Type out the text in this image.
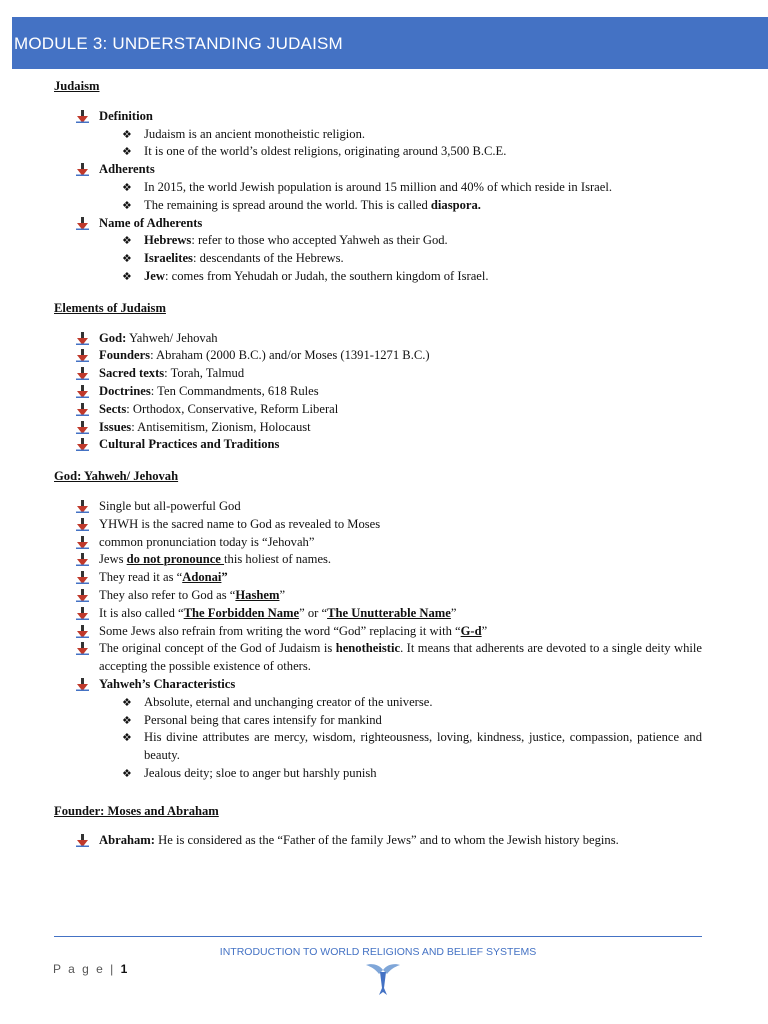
MODULE 3: UNDERSTANDING JUDAISM
Judaism
Definition
❖ Judaism is an ancient monotheistic religion.
❖ It is one of the world’s oldest religions, originating around 3,500 B.C.E.
Adherents
❖ In 2015, the world Jewish population is around 15 million and 40% of which reside in Israel.
❖ The remaining is spread around the world. This is called diaspora.
Name of Adherents
❖ Hebrews: refer to those who accepted Yahweh as their God.
❖ Israelites: descendants of the Hebrews.
❖ Jew: comes from Yehudah or Judah, the southern kingdom of Israel.
Elements of Judaism
God: Yahweh/ Jehovah
Founders: Abraham (2000 B.C.) and/or Moses (1391-1271 B.C.)
Sacred texts: Torah, Talmud
Doctrines: Ten Commandments, 618 Rules
Sects: Orthodox, Conservative, Reform Liberal
Issues: Antisemitism, Zionism, Holocaust
Cultural Practices and Traditions
God: Yahweh/ Jehovah
Single but all-powerful God
YHWH is the sacred name to God as revealed to Moses
common pronunciation today is “Jehovah”
Jews do not pronounce this holiest of names.
They read it as “Adonai”
They also refer to God as “Hashem”
It is also called “The Forbidden Name” or “The Unutterable Name”
Some Jews also refrain from writing the word “God” replacing it with “G-d”
The original concept of the God of Judaism is henotheistic. It means that adherents are devoted to a single deity while accepting the possible existence of others.
Yahweh’s Characteristics
❖ Absolute, eternal and unchanging creator of the universe.
❖ Personal being that cares intensify for mankind
❖ His divine attributes are mercy, wisdom, righteousness, loving, kindness, justice, compassion, patience and beauty.
❖ Jealous deity; sloe to anger but harshly punish
Founder: Moses and Abraham
Abraham: He is considered as the “Father of the family Jews” and to whom the Jewish history begins.
INTRODUCTION TO WORLD RELIGIONS AND BELIEF SYSTEMS
P a g e | 1
